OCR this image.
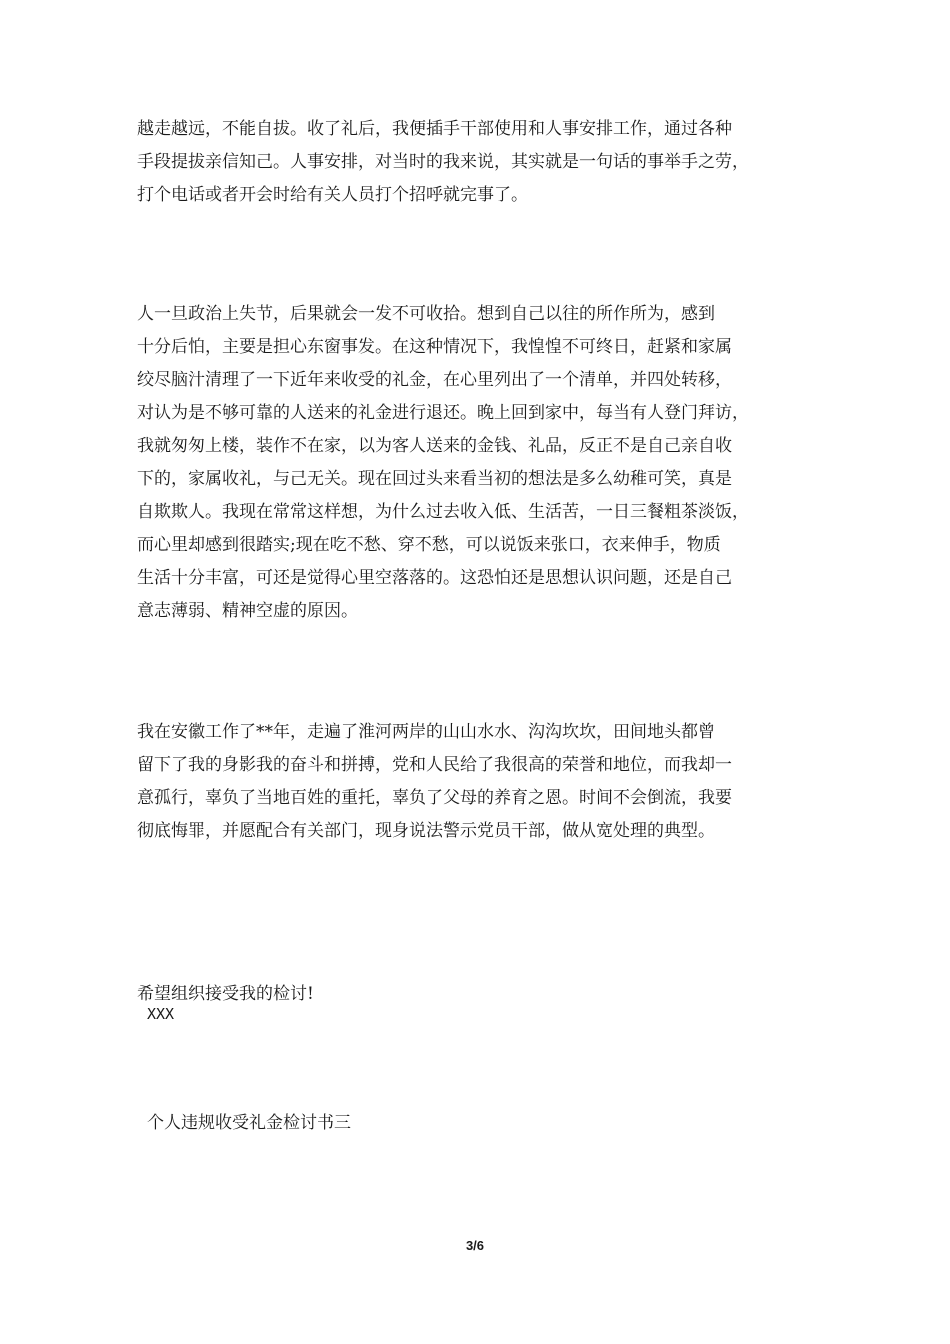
越走越远，不能自拔。收了礼后，我便插手干部使用和人事安排工作，通过各种
手段提拔亲信知己。人事安排，对当时的我来说，其实就是一句话的事举手之劳，
打个电话或者开会时给有关人员打个招呼就完事了。

人一旦政治上失节，后果就会一发不可收拾。想到自己以往的所作所为，感到
十分后怕，主要是担心东窗事发。在这种情况下，我惶惶不可终日，赶紧和家属
绞尽脑汁清理了一下近年来收受的礼金，在心里列出了一个清单，并四处转移，
对认为是不够可靠的人送来的礼金进行退还。晚上回到家中，每当有人登门拜访，
我就匆匆上楼，装作不在家，以为客人送来的金钱、礼品，反正不是自己亲自收
下的，家属收礼，与己无关。现在回过头来看当初的想法是多么幼稚可笑，真是
自欺欺人。我现在常常这样想，为什么过去收入低、生活苦，一日三餐粗茶淡饭，
而心里却感到很踏实;现在吃不愁、穿不愁，可以说饭来张口，衣来伸手，物质
生活十分丰富，可还是觉得心里空落落的。这恐怕还是思想认识问题，还是自己
意志薄弱、精神空虚的原因。

我在安徽工作了**年，走遍了淮河两岸的山山水水、沟沟坎坎，田间地头都曾
留下了我的身影我的奋斗和拼搏，党和人民给了我很高的荣誉和地位，而我却一
意孤行，辜负了当地百姓的重托，辜负了父母的养育之恩。时间不会倒流，我要
彻底悔罪，并愿配合有关部门，现身说法警示党员干部，做从宽处理的典型。

希望组织接受我的检讨!
XXX
个人违规收受礼金检讨书三
3/6
